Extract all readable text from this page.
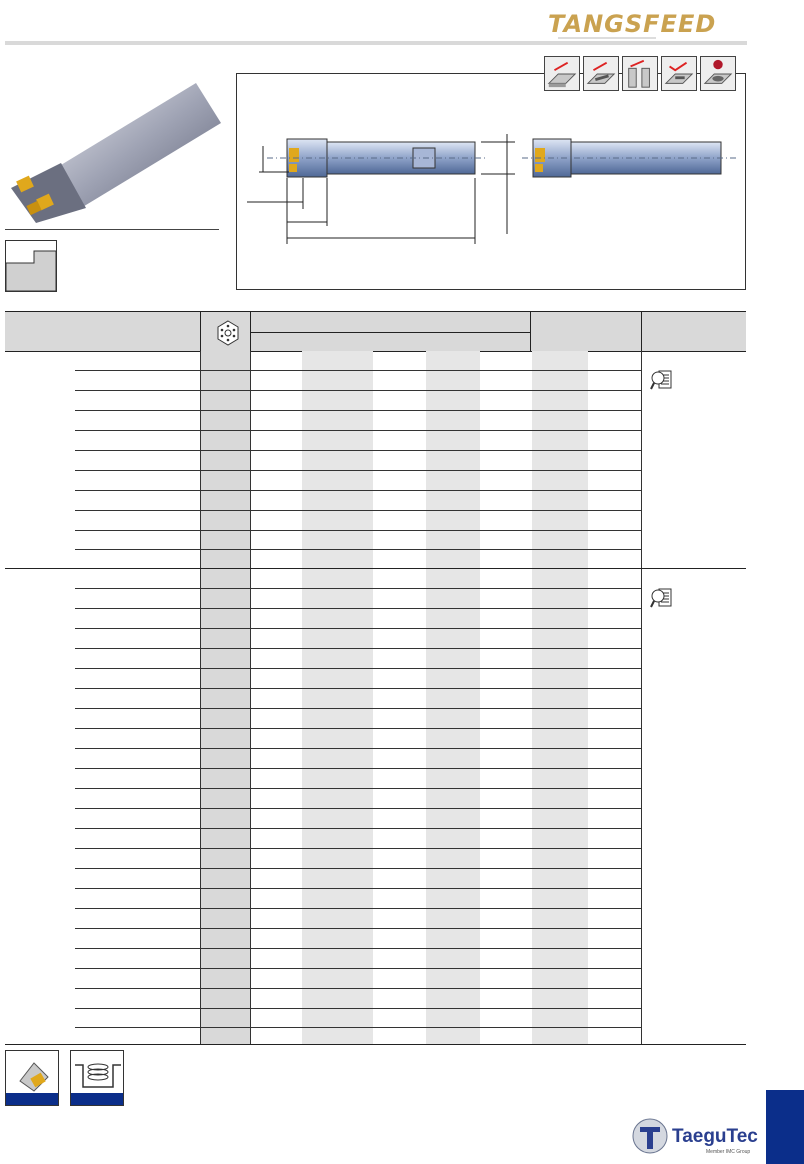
TANGSFEED
TaeguTec
Member IMC Group
